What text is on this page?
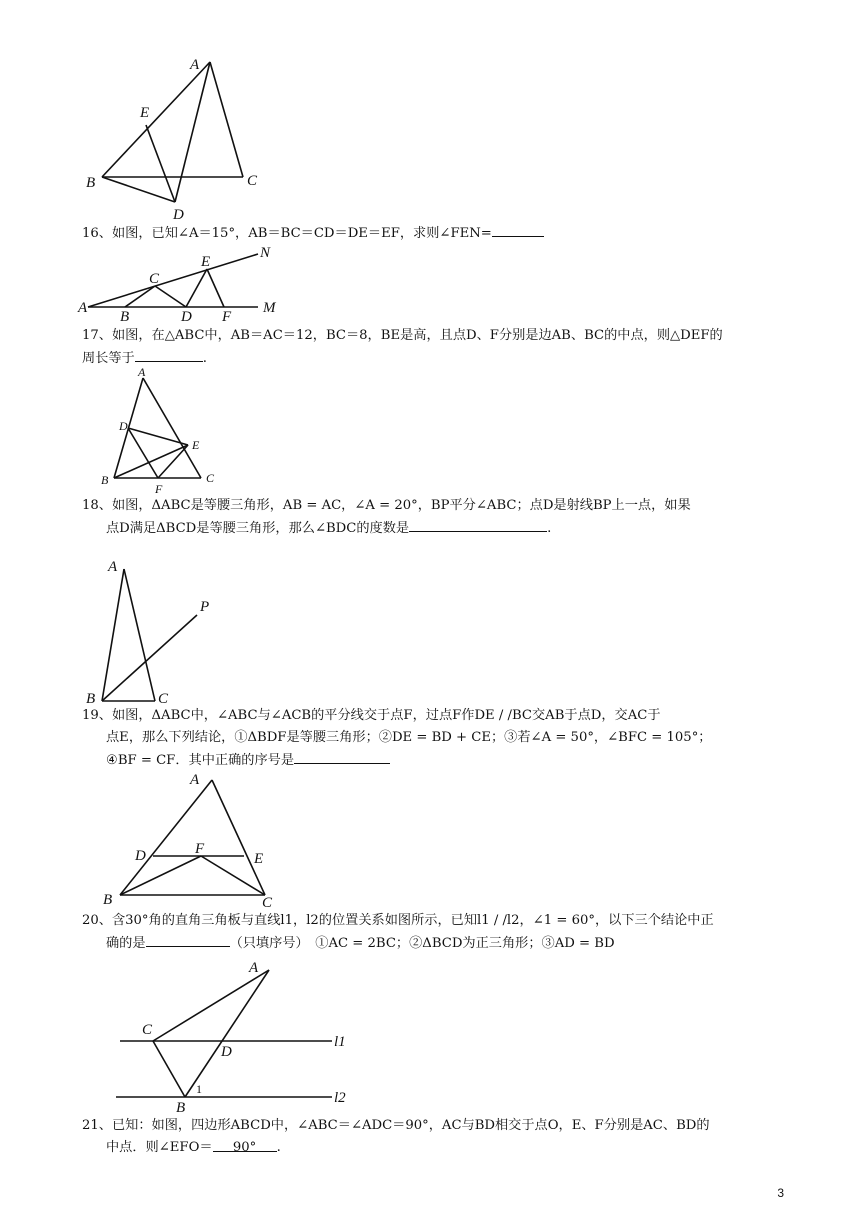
A
E
B	C
D
16、如图，已知∠A＝15°，AB＝BC＝CD＝DE＝EF，求则∠FEN=
A
C
B
E
D F
N
M
17、如图，在△ABC中，AB＝AC＝12，BC＝8，BE是高，且点D、F分别是边AB、BC的中点，则△DEF的
周长等于	.
A
D
E
B	C
F
18、如图，ΔABC是等腰三角形，AB = AC，∠A = 20°，BP平分∠ABC；点D是射线BP上一点，如果
点D满足ΔBCD是等腰三角形，那么∠BDC的度数是	.
A
P
B	C
19、如图，ΔABC中，∠ABC与∠ACB的平分线交于点F，过点F作DE / /BC交AB于点D，交AC于
点E，那么下列结论，①ΔBDF是等腰三角形；②DE = BD + CE；③若∠A = 50°，∠BFC = 105°；
④BF = CF．其中正确的序号是
A
D	F
E
B	C
20、含30°角的直角三角板与直线l1，l2的位置关系如图所示，已知l1 / /l2，∠1 = 60°，以下三个结论中正
确的是	（只填序号）　①AC = 2BC；②ΔBCD为正三角形；③AD = BD
A
C
D
1
B
l1
l2
21、已知：如图，四边形ABCD中，∠ABC＝∠ADC＝90°，AC与BD相交于点O，E、F分别是AC、BD的
中点．则∠EFO＝ 90° .
3
